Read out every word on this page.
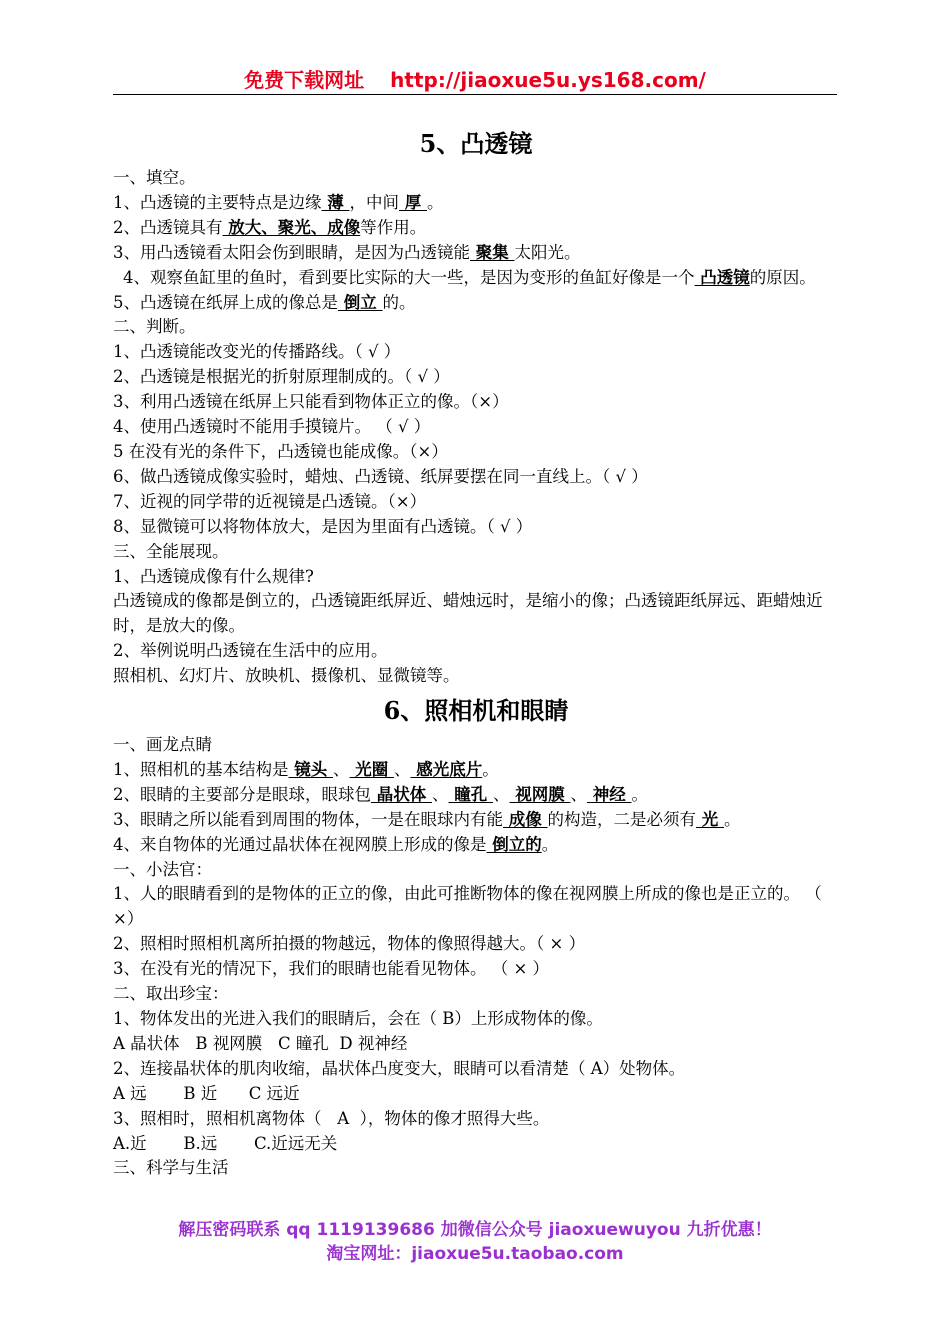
免费下载网址 http://jiaoxue5u.ys168.com/
5、凸透镜

一、填空。

1、凸透镜的主要特点是边缘 薄 ，中间 厚 。

2、凸透镜具有 放大、聚光、成像等作用。

3、用凸透镜看太阳会伤到眼睛，是因为凸透镜能 聚集 太阳光。

4、观察鱼缸里的鱼时，看到要比实际的大一些，是因为变形的鱼缸好像是一个 凸透镜的原因。

5、凸透镜在纸屏上成的像总是 倒立 的。

二、判断。

1、凸透镜能改变光的传播路线。（ √ ）

2、凸透镜是根据光的折射原理制成的。（ √ ）

3、利用凸透镜在纸屏上只能看到物体正立的像。（×）

4、使用凸透镜时不能用手摸镜片。 （ √ ）

5 在没有光的条件下，凸透镜也能成像。（×）

6、做凸透镜成像实验时，蜡烛、凸透镜、纸屏要摆在同一直线上。（ √ ）

7、近视的同学带的近视镜是凸透镜。（×）

8、显微镜可以将物体放大，是因为里面有凸透镜。（ √ ）

三、全能展现。

1、凸透镜成像有什么规律?

凸透镜成的像都是倒立的，凸透镜距纸屏近、蜡烛远时，是缩小的像；凸透镜距纸屏远、距蜡烛近时，是放大的像。

2、举例说明凸透镜在生活中的应用。

照相机、幻灯片、放映机、摄像机、显微镜等。

6、照相机和眼睛

一、画龙点睛

1、照相机的基本结构是 镜头 、 光圈 、 感光底片。

2、眼睛的主要部分是眼球，眼球包 晶状体 、 瞳孔 、 视网膜 、 神经 。

3、眼睛之所以能看到周围的物体，一是在眼球内有能 成像 的构造，二是必须有 光 。

4、来自物体的光通过晶状体在视网膜上形成的像是 倒立的。

一、小法官：

1、人的眼睛看到的是物体的正立的像，由此可推断物体的像在视网膜上所成的像也是正立的。 （ ×）

2、照相时照相机离所拍摄的物越远，物体的像照得越大。（ × ）

3、在没有光的情况下，我们的眼睛也能看见物体。 （ × ）

二、取出珍宝：

1、物体发出的光进入我们的眼睛后，会在（ B）上形成物体的像。

A 晶状体   B 视网膜   C 瞳孔  D 视神经

2、连接晶状体的肌肉收缩，晶状体凸度变大，眼睛可以看清楚（ A）处物体。

A 远       B 近      C 远近

3、照相时，照相机离物体（   A  ），物体的像才照得大些。

A.近       B.远       C.近远无关

三、科学与生活

解压密码联系 qq 1119139686 加微信公众号 jiaoxuewuyou 九折优惠！
淘宝网址：jiaoxue5u.taobao.com
